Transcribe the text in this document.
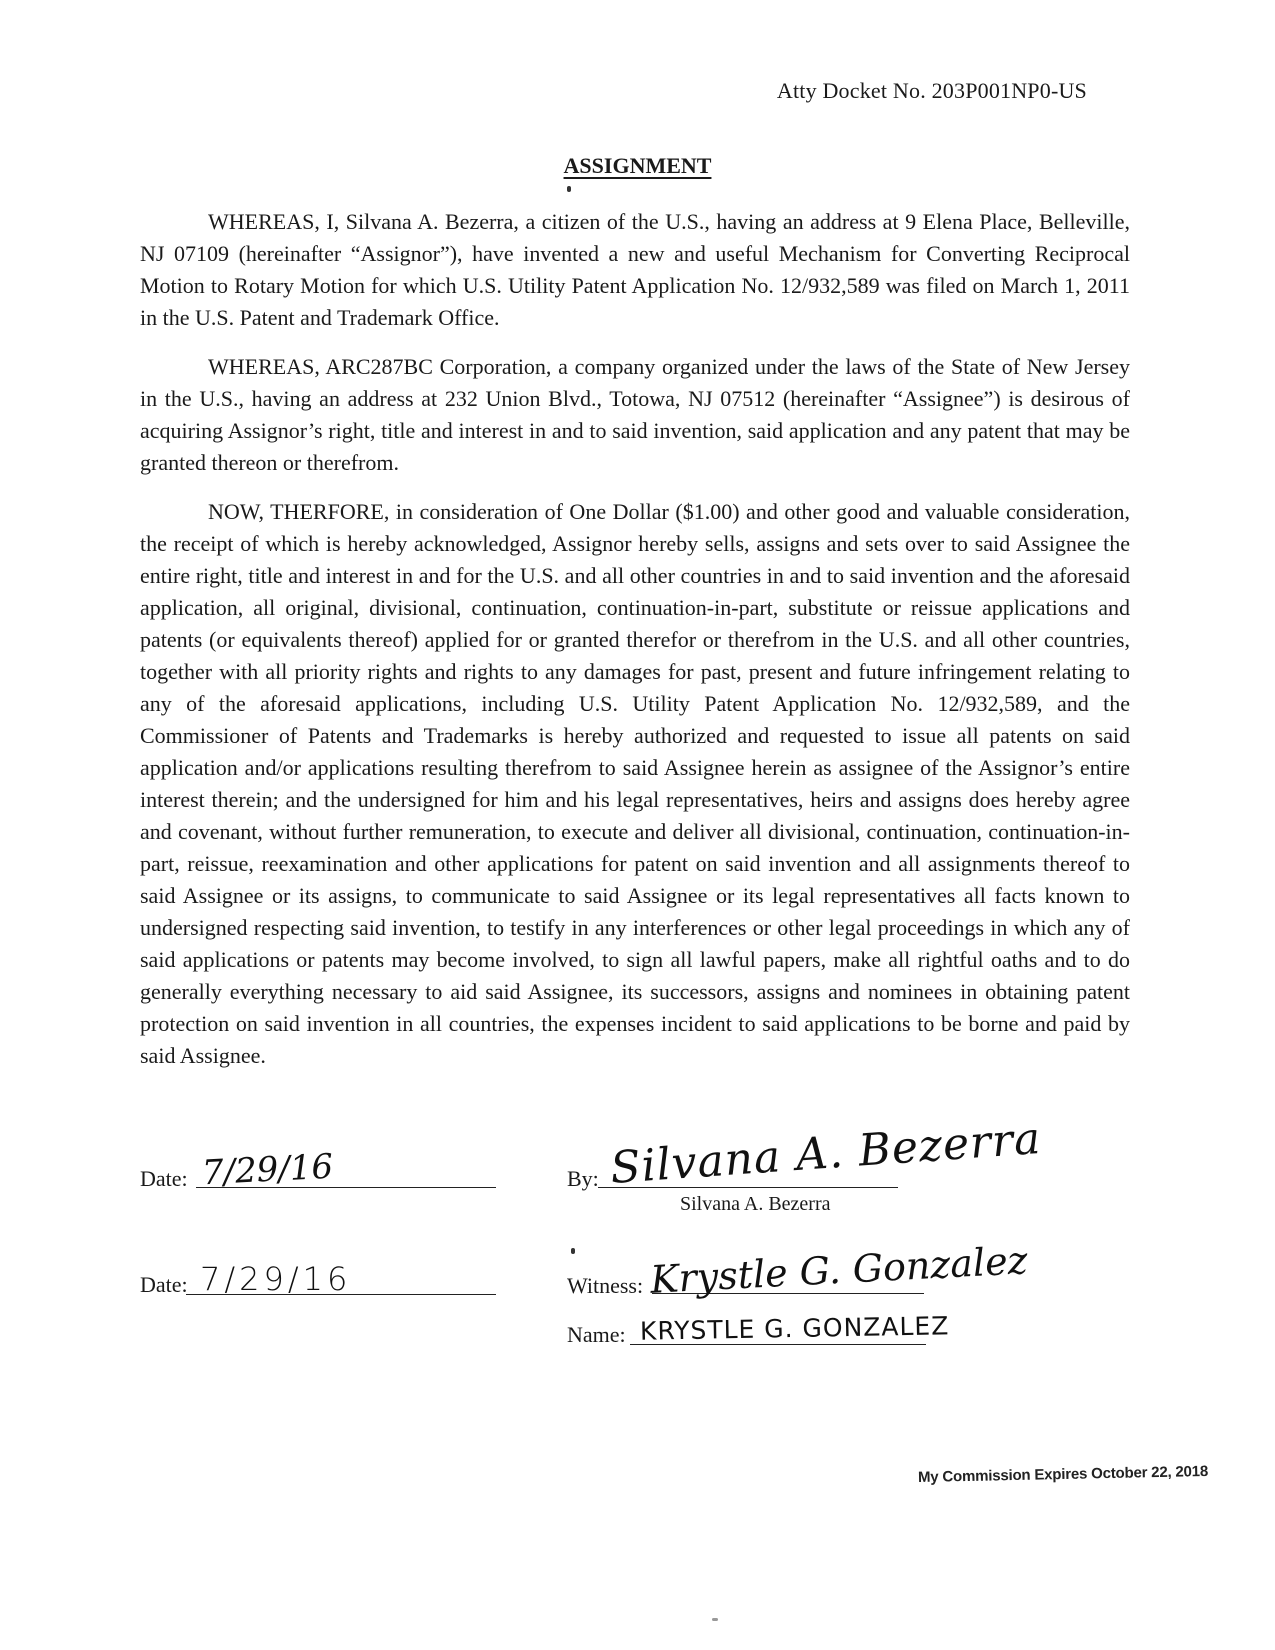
Atty Docket No. 203P001NP0-US
ASSIGNMENT

WHEREAS, I, Silvana A. Bezerra, a citizen of the U.S., having an address at 9 Elena Place, Belleville, NJ 07109 (hereinafter “Assignor”), have invented a new and useful Mechanism for Converting Reciprocal Motion to Rotary Motion for which U.S. Utility Patent Application No. 12/932,589 was filed on March 1, 2011 in the U.S. Patent and Trademark Office.

WHEREAS, ARC287BC Corporation, a company organized under the laws of the State of New Jersey in the U.S., having an address at 232 Union Blvd., Totowa, NJ 07512 (hereinafter “Assignee”) is desirous of acquiring Assignor’s right, title and interest in and to said invention, said application and any patent that may be granted thereon or therefrom.

NOW, THERFORE, in consideration of One Dollar ($1.00) and other good and valuable consideration, the receipt of which is hereby acknowledged, Assignor hereby sells, assigns and sets over to said Assignee the entire right, title and interest in and for the U.S. and all other countries in and to said invention and the aforesaid application, all original, divisional, continuation, continuation-in-part, substitute or reissue applications and patents (or equivalents thereof) applied for or granted therefor or therefrom in the U.S. and all other countries, together with all priority rights and rights to any damages for past, present and future infringement relating to any of the aforesaid applications, including U.S. Utility Patent Application No. 12/932,589, and the Commissioner of Patents and Trademarks is hereby authorized and requested to issue all patents on said application and/or applications resulting therefrom to said Assignee herein as assignee of the Assignor’s entire interest therein; and the undersigned for him and his legal representatives, heirs and assigns does hereby agree and covenant, without further remuneration, to execute and deliver all divisional, continuation, continuation-in-part, reissue, reexamination and other applications for patent on said invention and all assignments thereof to said Assignee or its assigns, to communicate to said Assignee or its legal representatives all facts known to undersigned respecting said invention, to testify in any interferences or other legal proceedings in which any of said applications or patents may become involved, to sign all lawful papers, make all rightful oaths and to do generally everything necessary to aid said Assignee, its successors, assigns and nominees in obtaining patent protection on said invention in all countries, the expenses incident to said applications to be borne and paid by said Assignee.

Date: 7/29/16
Date: 7/29/16
By: Silvana A. Bezerra
Silvana A. Bezerra
Witness: Krystle G. Gonzalez
Name: KRYSTLE G. GONZALEZ
My Commission Expires October 22, 2018
